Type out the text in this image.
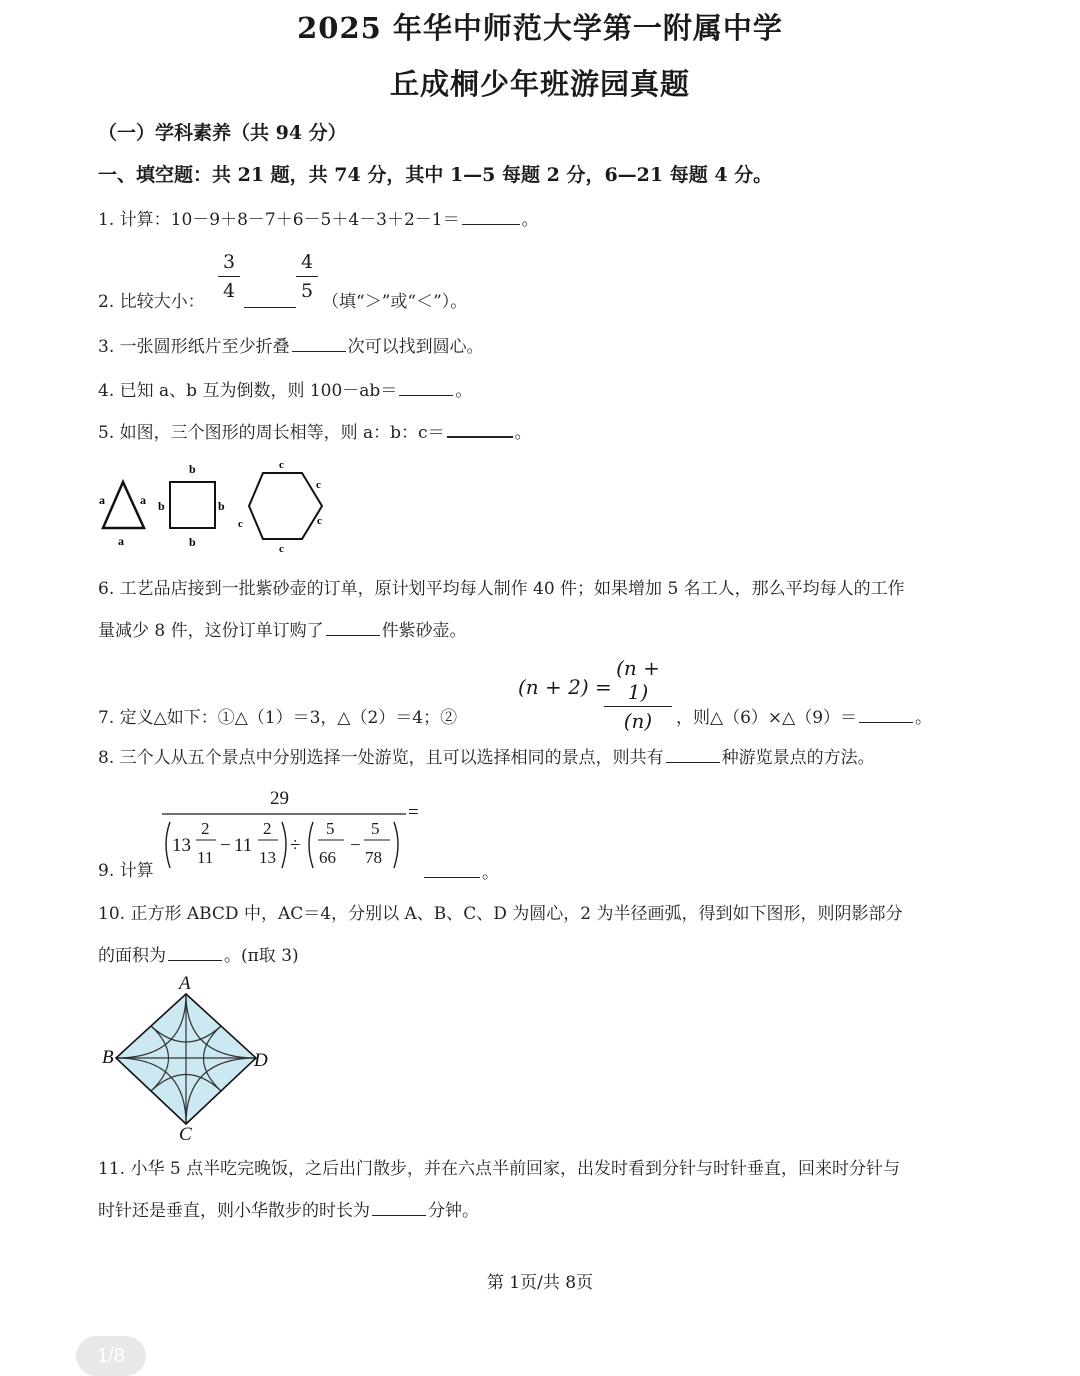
2025 年华中师范大学第一附属中学
丘成桐少年班游园真题
（一）学科素养（共 94 分）
一、填空题：共 21 题，共 74 分，其中 1—5 每题 2 分，6—21 每题 4 分。
1. 计算：10－9＋8－7＋6－5＋4－3＋2－1＝	。
2. 比较大小：
3
4
4
5 （填“＞”或“＜”）。
3. 一张圆形纸片至少折叠	次可以找到圆心。
4. 已知 a、b 互为倒数，则 100－ab＝	。
5. 如图，三个图形的周长相等，则 a：b：c＝	。
a	a
a
b
b	b
b
c
c
c
c
c
6. 工艺品店接到一批紫砂壶的订单，原计划平均每人制作 40 件；如果增加 5 名工人，那么平均每人的工作
量减少 8 件，这份订单订购了	件紫砂壶。
7. 定义△如下：①△（1）＝3，△（2）＝4；②
(n + 2) =
(n + 1)
(n)	，则△（6）×△（9）＝	。
8. 三个人从五个景点中分别选择一处游览，且可以选择相同的景点，则共有	种游览景点的方法。
9. 计算
29
=
13
2
11
− 11
2
13
÷
5
66
−
5
78
。
10. 正方形 ABCD 中，AC＝4，分别以 A、B、C、D 为圆心，2 为半径画弧，得到如下图形，则阴影部分
的面积为	。(π取 3)
A
B	D
C
11. 小华 5 点半吃完晚饭，之后出门散步，并在六点半前回家，出发时看到分针与时针垂直，回来时分针与
时针还是垂直，则小华散步的时长为	分钟。
第 1页/共 8页
1/8
